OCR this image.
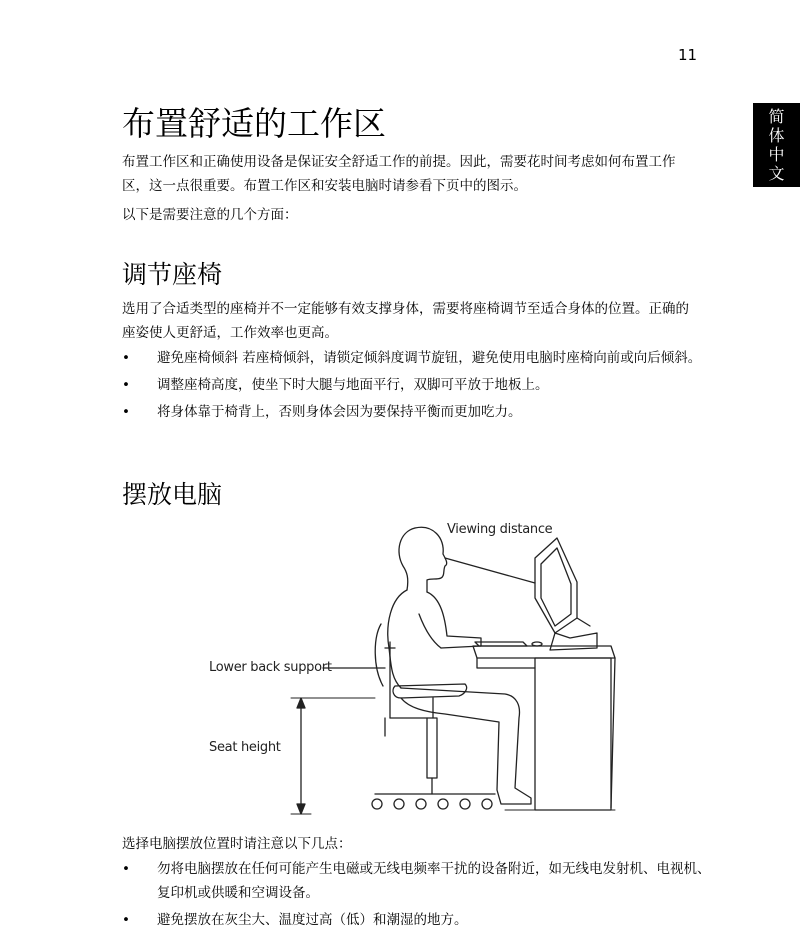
11
简
体
中
文
布置舒适的工作区

布置工作区和正确使用设备是保证安全舒适工作的前提。因此，需要花时间考虑如何布置工作区，这一点很重要。布置工作区和安装电脑时请参看下页中的图示。

以下是需要注意的几个方面：

调节座椅

选用了合适类型的座椅并不一定能够有效支撑身体，需要将座椅调节至适合身体的位置。正确的座姿使人更舒适，工作效率也更高。

• 避免座椅倾斜 若座椅倾斜，请锁定倾斜度调节旋钮，避免使用电脑时座椅向前或向后倾斜。
• 调整座椅高度，使坐下时大腿与地面平行，双脚可平放于地板上。
• 将身体靠于椅背上，否则身体会因为要保持平衡而更加吃力。
摆放电脑

选择电脑摆放位置时请注意以下几点：

• 勿将电脑摆放在任何可能产生电磁或无线电频率干扰的设备附近，如无线电发射机、电视机、复印机或供暖和空调设备。
• 避免摆放在灰尘大、温度过高（低）和潮湿的地方。
Viewing distance
Lower back support
Seat height
